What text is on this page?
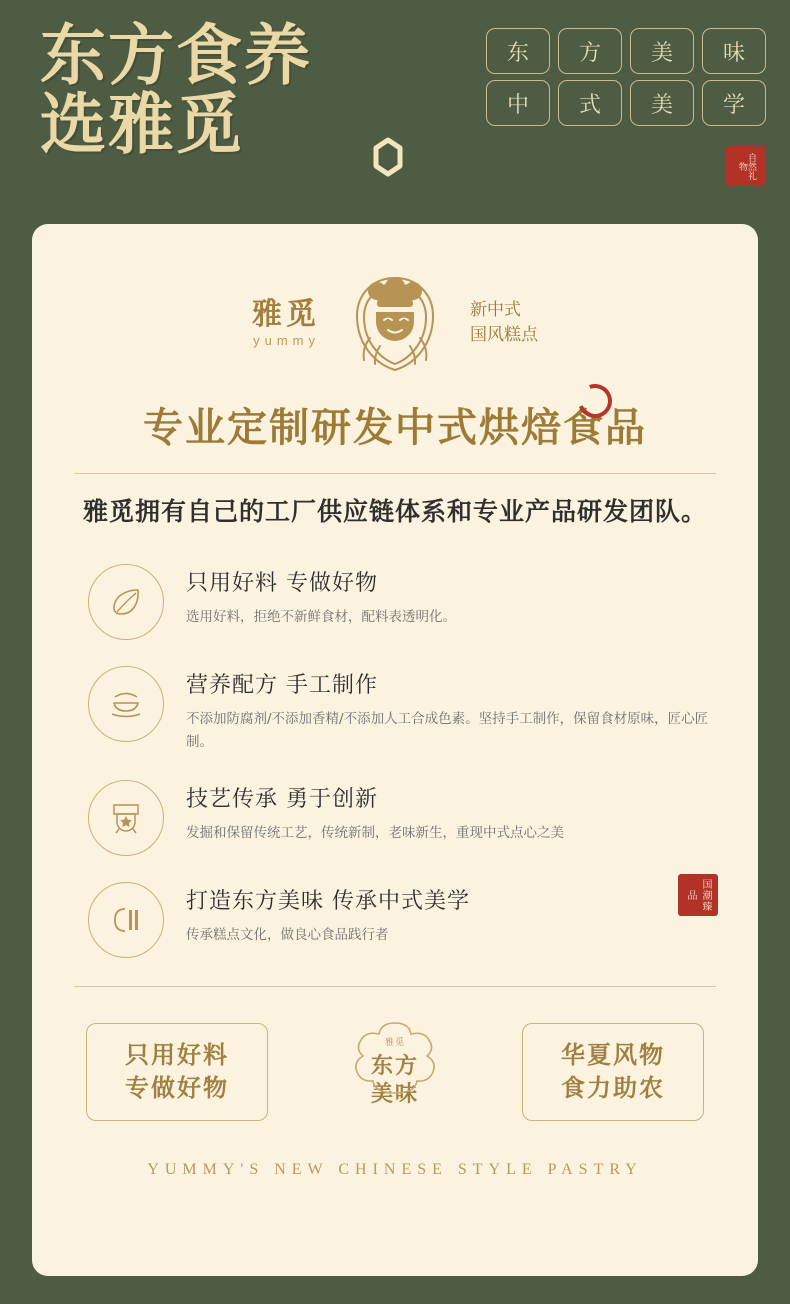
东方食养
选雅觅
东	方	美	味
中	式	美	学
自然礼物
雅觅
yummy
新中式
国风糕点
专业定制研发中式烘焙食品
雅觅拥有自己的工厂供应链体系和专业产品研发团队。
只用好料 专做好物
选用好料，拒绝不新鲜食材，配料表透明化。
营养配方 手工制作
不添加防腐剂/不添加香精/不添加人工合成色素。坚持手工制作，保留食材原味，匠心匠制。
技艺传承 勇于创新
发掘和保留传统工艺，传统新制，老味新生，重现中式点心之美
打造东方美味 传承中式美学
传承糕点文化，做良心食品践行者
国潮臻品
只用好料
专做好物
雅觅
东方
美味
华夏风物
食力助农
YUMMY'S NEW CHINESE STYLE PASTRY
